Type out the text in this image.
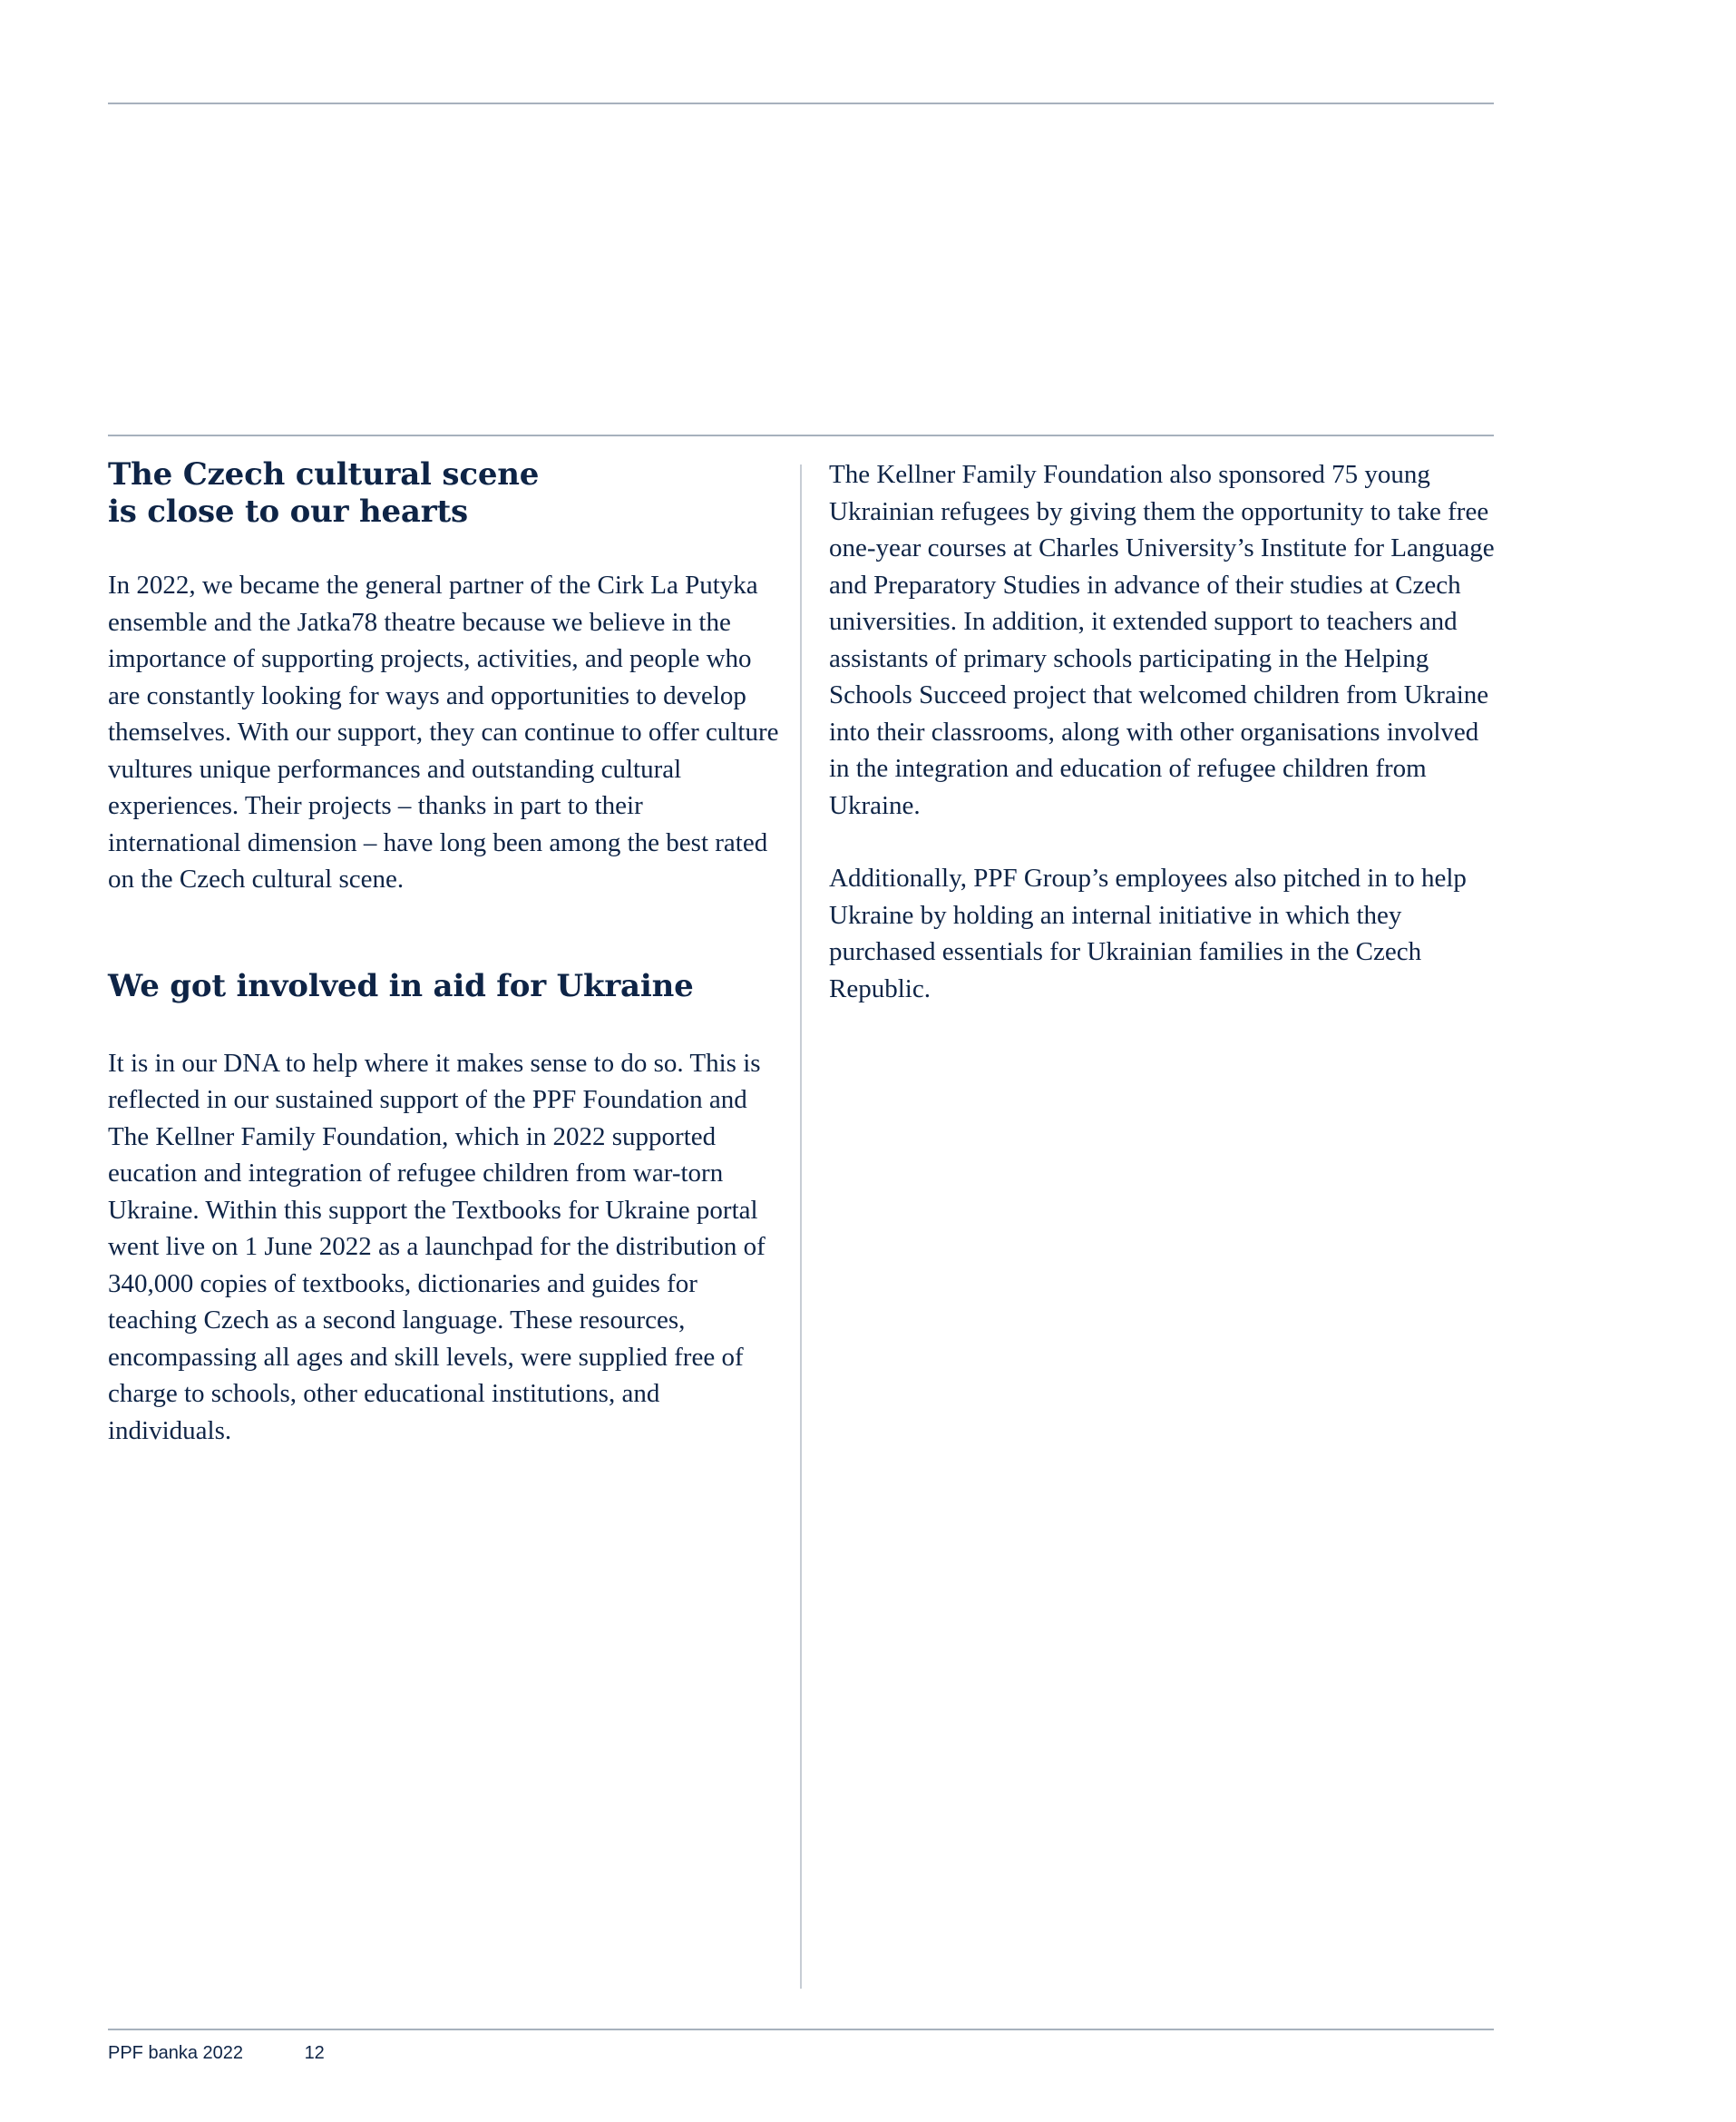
The Czech cultural scene
is close to our hearts

In 2022, we became the general partner of the Cirk La Putyka ensemble and the Jatka78 theatre because we believe in the importance of supporting projects, activities, and people who are constantly looking for ways and opportunities to develop themselves. With our support, they can continue to offer culture vultures unique performances and outstanding cultural experiences. Their projects – thanks in part to their international dimension – have long been among the best rated on the Czech cultural scene.

We got involved in aid for Ukraine

It is in our DNA to help where it makes sense to do so. This is reflected in our sustained support of the PPF Foundation and The Kellner Family Foundation, which in 2022 supported eucation and integration of refugee children from war-torn Ukraine. Within this support the Textbooks for Ukraine portal went live on 1 June 2022 as a launchpad for the distribution of 340,000 copies of textbooks, dictionaries and guides for teaching Czech as a second language. These resources, encompassing all ages and skill levels, were supplied free of charge to schools, other educational institutions, and individuals.

The Kellner Family Foundation also sponsored 75 young Ukrainian refugees by giving them the opportunity to take free one-year courses at Charles University’s Institute for Language and Preparatory Studies in advance of their studies at Czech universities. In addition, it extended support to teachers and assistants of primary schools participating in the Helping Schools Succeed project that welcomed children from Ukraine into their classrooms, along with other organisations involved in the integration and education of refugee children from Ukraine.

Additionally, PPF Group’s employees also pitched in to help Ukraine by holding an internal initiative in which they purchased essentials for Ukrainian families in the Czech Republic.

PPF banka 2022	12
